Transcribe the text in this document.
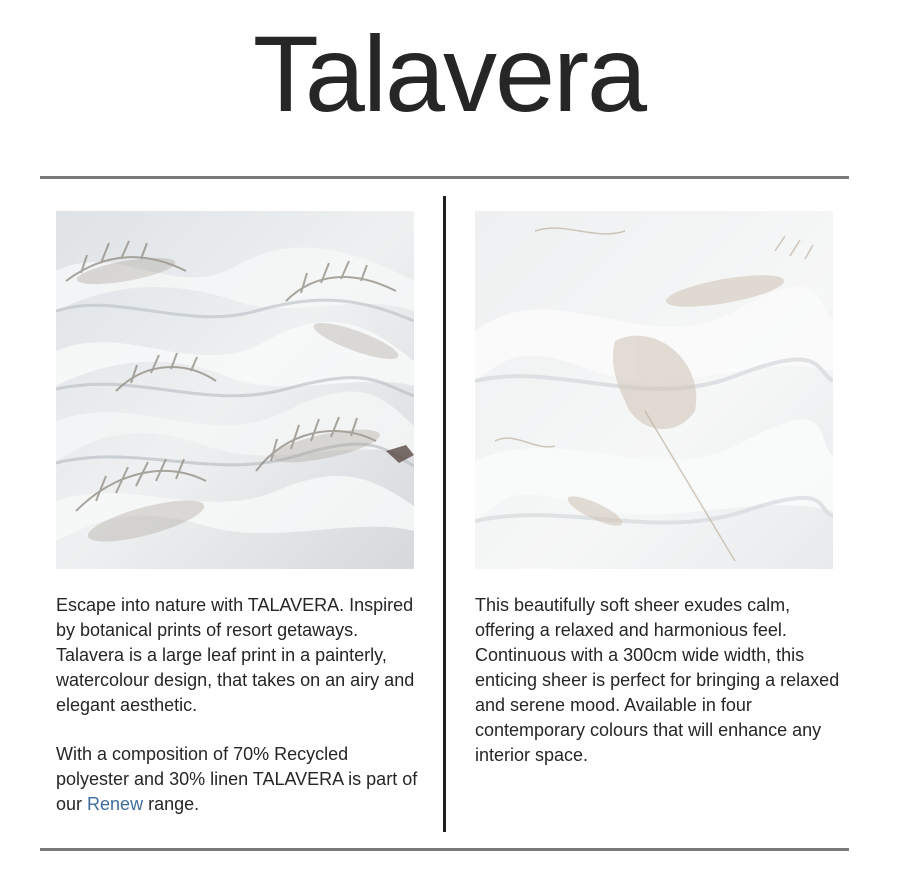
Talavera

Escape into nature with TALAVERA. Inspired by botanical prints of resort getaways. Talavera is a large leaf print in a painterly, watercolour design, that takes on an airy and elegant aesthetic.

With a composition of 70% Recycled polyester and 30% linen TALAVERA is part of our Renew range.

This beautifully soft sheer exudes calm, offering a relaxed and harmonious feel. Continuous with a 300cm wide width, this enticing sheer is perfect for bringing a relaxed and serene mood. Available in four contemporary colours that will enhance any interior space.
